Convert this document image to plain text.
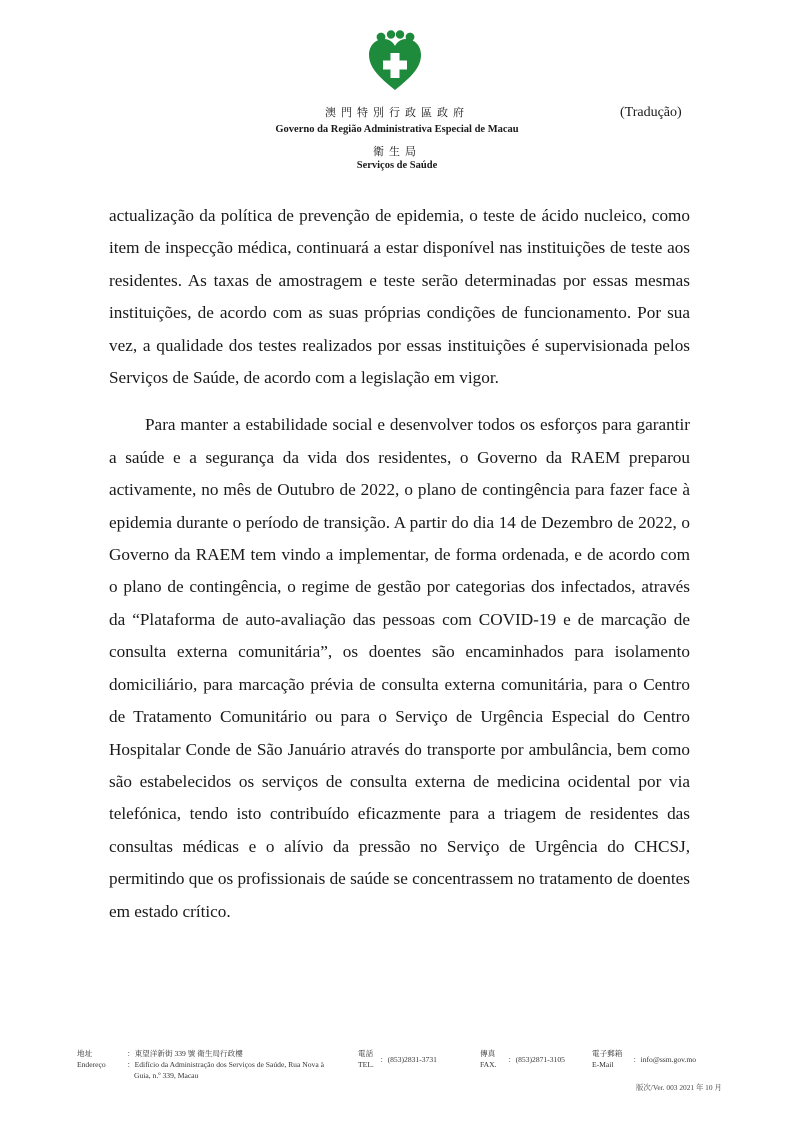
澳門特別行政區政府
Governo da Região Administrativa Especial de Macau
衛生局
Serviços de Saúde
(Tradução)

actualização da política de prevenção de epidemia, o teste de ácido nucleico, como item de inspecção médica, continuará a estar disponível nas instituições de teste aos residentes. As taxas de amostragem e teste serão determinadas por essas mesmas instituições, de acordo com as suas próprias condições de funcionamento. Por sua vez, a qualidade dos testes realizados por essas instituições é supervisionada pelos Serviços de Saúde, de acordo com a legislação em vigor.

Para manter a estabilidade social e desenvolver todos os esforços para garantir a saúde e a segurança da vida dos residentes, o Governo da RAEM preparou activamente, no mês de Outubro de 2022, o plano de contingência para fazer face à epidemia durante o período de transição. A partir do dia 14 de Dezembro de 2022, o Governo da RAEM tem vindo a implementar, de forma ordenada, e de acordo com o plano de contingência, o regime de gestão por categorias dos infectados, através da “Plataforma de auto-avaliação das pessoas com COVID-19 e de marcação de consulta externa comunitária”, os doentes são encaminhados para isolamento domiciliário, para marcação prévia de consulta externa comunitária, para o Centro de Tratamento Comunitário ou para o Serviço de Urgência Especial do Centro Hospitalar Conde de São Januário através do transporte por ambulância, bem como são estabelecidos os serviços de consulta externa de medicina ocidental por via telefónica, tendo isto contribuído eficazmente para a triagem de residentes das consultas médicas e o alívio da pressão no Serviço de Urgência do CHCSJ, permitindo que os profissionais de saúde se concentrassem no tratamento de doentes em estado crítico.

地址
Endereço
：東望洋新街 339 號 衛生局行政樓
：Edifício da Administração dos Serviços de Saúde, Rua Nova à
Guia, n.º 339, Macau
電話
TEL.
：(853)2831-3731
傳真
FAX.
：(853)2871-3105
電子郵箱
E-Mail
：info@ssm.gov.mo
版次/Ver. 003 2021 年 10 月
